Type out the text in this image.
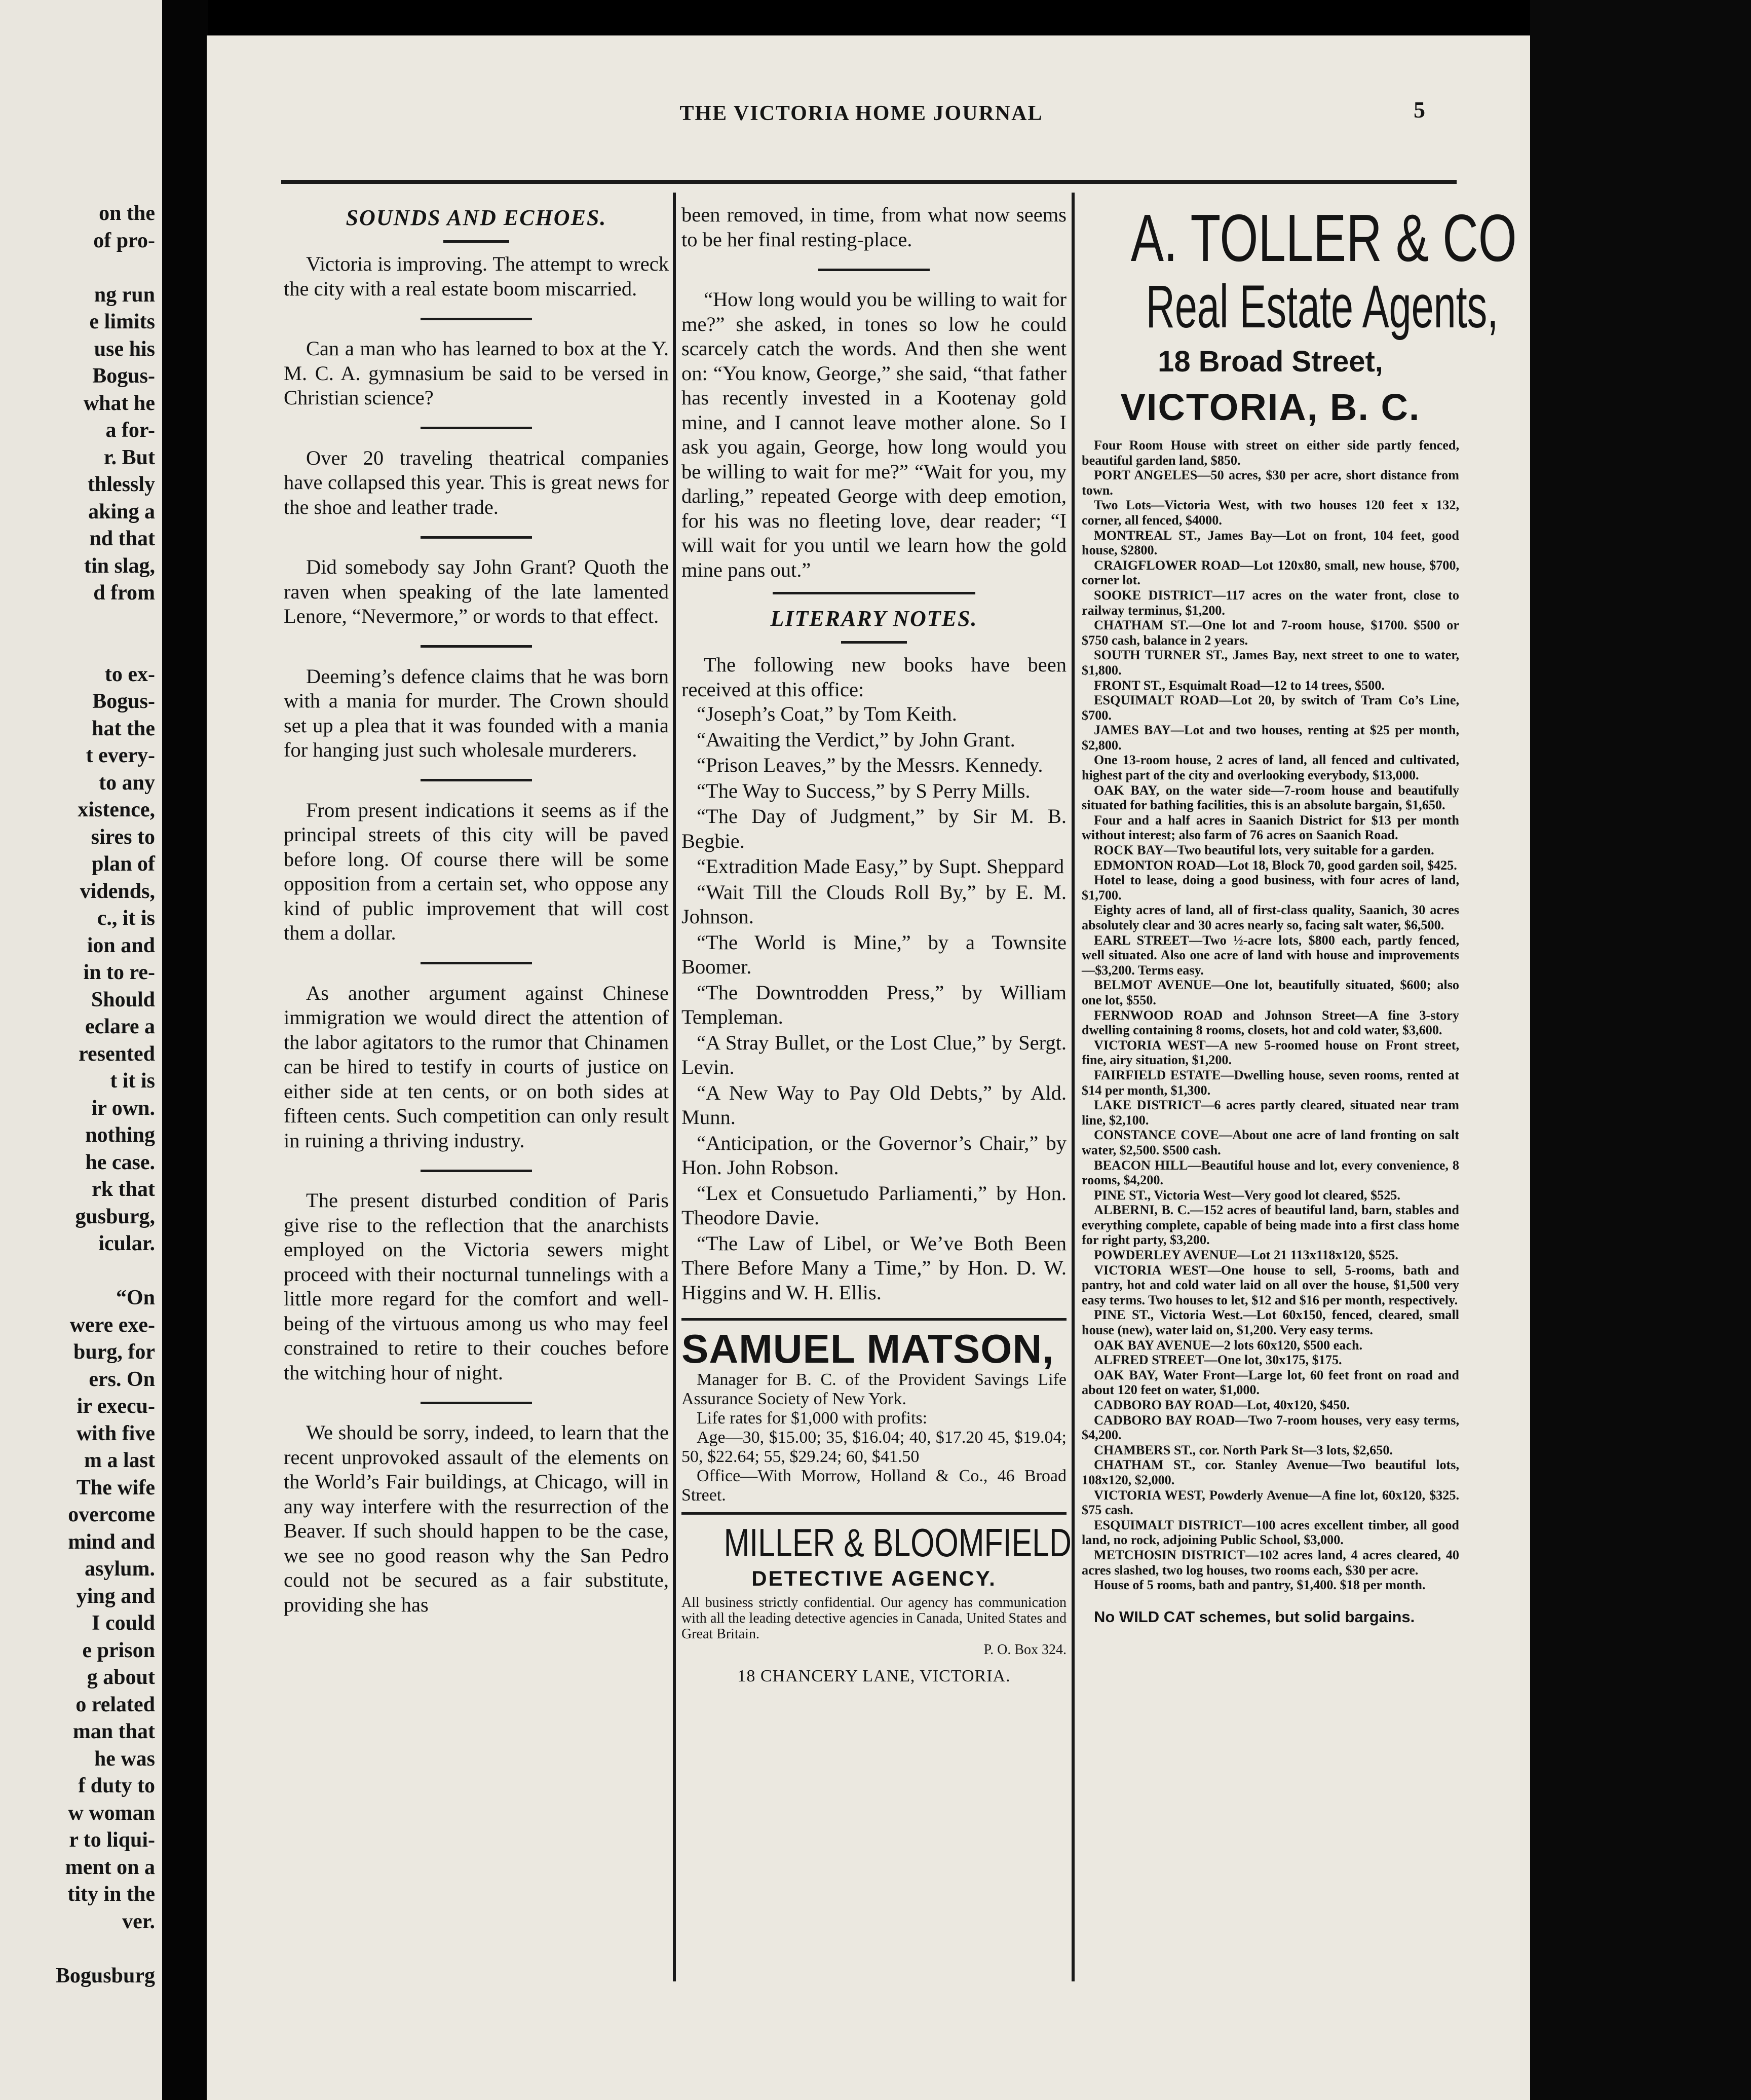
on the
of pro-

ng run
e limits
use his
Bogus-
what he
a for-
r. But
thlessly
aking a
nd that
tin slag,
d from

to ex-
Bogus-
hat the
t every-
to any
xistence,
sires to
plan of
vidends,
c., it is
ion and
in to re-
Should
eclare a
resented
t it is
ir own.
nothing
he case.
rk that
gusburg,
icular.

“On
were exe-
burg, for
ers. On
ir execu-
with five
m a last
The wife
overcome
mind and
asylum.
ying and
I could
e prison
g about
o related
man that
he was
f duty to
w woman
r to liqui-
ment on a
tity in the
ver.

Bogusburg
THE VICTORIA HOME JOURNAL	5
SOUNDS AND ECHOES.

Victoria is improving. The attempt to wreck the city with a real estate boom miscarried.

Can a man who has learned to box at the Y. M. C. A. gymnasium be said to be versed in Christian science?

Over 20 traveling theatrical companies have collapsed this year. This is great news for the shoe and leather trade.

Did somebody say John Grant? Quoth the raven when speaking of the late lamented Lenore, “Nevermore,” or words to that effect.

Deeming’s defence claims that he was born with a mania for murder. The Crown should set up a plea that it was founded with a mania for hanging just such wholesale murderers.

From present indications it seems as if the principal streets of this city will be paved before long. Of course there will be some opposition from a certain set, who oppose any kind of public improvement that will cost them a dollar.

As another argument against Chinese immigration we would direct the attention of the labor agitators to the rumor that Chinamen can be hired to testify in courts of justice on either side at ten cents, or on both sides at fifteen cents. Such competition can only result in ruining a thriving industry.

The present disturbed condition of Paris give rise to the reflection that the anarchists employed on the Victoria sewers might proceed with their nocturnal tunnelings with a little more regard for the comfort and well-being of the virtuous among us who may feel constrained to retire to their couches before the witching hour of night.

We should be sorry, indeed, to learn that the recent unprovoked assault of the elements on the World’s Fair buildings, at Chicago, will in any way interfere with the resurrection of the Beaver. If such should happen to be the case, we see no good reason why the San Pedro could not be secured as a fair substitute, providing she has

been removed, in time, from what now seems to be her final resting-place.

“How long would you be willing to wait for me?” she asked, in tones so low he could scarcely catch the words. And then she went on: “You know, George,” she said, “that father has recently invested in a Kootenay gold mine, and I cannot leave mother alone. So I ask you again, George, how long would you be willing to wait for me?” “Wait for you, my darling,” repeated George with deep emotion, for his was no fleeting love, dear reader; “I will wait for you until we learn how the gold mine pans out.”

LITERARY NOTES.

The following new books have been received at this office:

“Joseph’s Coat,” by Tom Keith.

“Awaiting the Verdict,” by John Grant.

“Prison Leaves,” by the Messrs. Kennedy.

“The Way to Success,” by S Perry Mills.

“The Day of Judgment,” by Sir M. B. Begbie.

“Extradition Made Easy,” by Supt. Sheppard

“Wait Till the Clouds Roll By,” by E. M. Johnson.

“The World is Mine,” by a Townsite Boomer.

“The Downtrodden Press,” by William Templeman.

“A Stray Bullet, or the Lost Clue,” by Sergt. Levin.

“A New Way to Pay Old Debts,” by Ald. Munn.

“Anticipation, or the Governor’s Chair,” by Hon. John Robson.

“Lex et Consuetudo Parliamenti,” by Hon. Theodore Davie.

“The Law of Libel, or We’ve Both Been There Before Many a Time,” by Hon. D. W. Higgins and W. H. Ellis.

SAMUEL MATSON,

Manager for B. C. of the Provident Savings Life Assurance Society of New York.

Life rates for $1,000 with profits:

Age—30, $15.00; 35, $16.04; 40, $17.20 45, $19.04; 50, $22.64; 55, $29.24; 60, $41.50

Office—With Morrow, Holland & Co., 46 Broad Street.

MILLER & BLOOMFIELD

DETECTIVE AGENCY.

All business strictly confidential. Our agency has communication with all the leading detective agencies in Canada, United States and Great Britain.

P. O. Box 324.

18 CHANCERY LANE, VICTORIA.

A. TOLLER & CO

Real Estate Agents,

18 Broad Street,

VICTORIA, B. C.

Four Room House with street on either side partly fenced, beautiful garden land, $850.

PORT ANGELES—50 acres, $30 per acre, short distance from town.

Two Lots—Victoria West, with two houses 120 feet x 132, corner, all fenced, $4000.

MONTREAL ST., James Bay—Lot on front, 104 feet, good house, $2800.

CRAIGFLOWER ROAD—Lot 120x80, small, new house, $700, corner lot.

SOOKE DISTRICT—117 acres on the water front, close to railway terminus, $1,200.

CHATHAM ST.—One lot and 7-room house, $1700. $500 or $750 cash, balance in 2 years.

SOUTH TURNER ST., James Bay, next street to one to water, $1,800.

FRONT ST., Esquimalt Road—12 to 14 trees, $500.

ESQUIMALT ROAD—Lot 20, by switch of Tram Co’s Line, $700.

JAMES BAY—Lot and two houses, renting at $25 per month, $2,800.

One 13-room house, 2 acres of land, all fenced and cultivated, highest part of the city and overlooking everybody, $13,000.

OAK BAY, on the water side—7-room house and beautifully situated for bathing facilities, this is an absolute bargain, $1,650.

Four and a half acres in Saanich District for $13 per month without interest; also farm of 76 acres on Saanich Road.

ROCK BAY—Two beautiful lots, very suitable for a garden.

EDMONTON ROAD—Lot 18, Block 70, good garden soil, $425.

Hotel to lease, doing a good business, with four acres of land, $1,700.

Eighty acres of land, all of first-class quality, Saanich, 30 acres absolutely clear and 30 acres nearly so, facing salt water, $6,500.

EARL STREET—Two ½-acre lots, $800 each, partly fenced, well situated. Also one acre of land with house and improvements—$3,200. Terms easy.

BELMOT AVENUE—One lot, beautifully situated, $600; also one lot, $550.

FERNWOOD ROAD and Johnson Street—A fine 3-story dwelling containing 8 rooms, closets, hot and cold water, $3,600.

VICTORIA WEST—A new 5-roomed house on Front street, fine, airy situation, $1,200.

FAIRFIELD ESTATE—Dwelling house, seven rooms, rented at $14 per month, $1,300.

LAKE DISTRICT—6 acres partly cleared, situated near tram line, $2,100.

CONSTANCE COVE—About one acre of land fronting on salt water, $2,500. $500 cash.

BEACON HILL—Beautiful house and lot, every convenience, 8 rooms, $4,200.

PINE ST., Victoria West—Very good lot cleared, $525.

ALBERNI, B. C.—152 acres of beautiful land, barn, stables and everything complete, capable of being made into a first class home for right party, $3,200.

POWDERLEY AVENUE—Lot 21 113x118x120, $525.

VICTORIA WEST—One house to sell, 5-rooms, bath and pantry, hot and cold water laid on all over the house, $1,500 very easy terms. Two houses to let, $12 and $16 per month, respectively.

PINE ST., Victoria West.—Lot 60x150, fenced, cleared, small house (new), water laid on, $1,200. Very easy terms.

OAK BAY AVENUE—2 lots 60x120, $500 each.

ALFRED STREET—One lot, 30x175, $175.

OAK BAY, Water Front—Large lot, 60 feet front on road and about 120 feet on water, $1,000.

CADBORO BAY ROAD—Lot, 40x120, $450.

CADBORO BAY ROAD—Two 7-room houses, very easy terms, $4,200.

CHAMBERS ST., cor. North Park St—3 lots, $2,650.

CHATHAM ST., cor. Stanley Avenue—Two beautiful lots, 108x120, $2,000.

VICTORIA WEST, Powderly Avenue—A fine lot, 60x120, $325. $75 cash.

ESQUIMALT DISTRICT—100 acres excellent timber, all good land, no rock, adjoining Public School, $3,000.

METCHOSIN DISTRICT—102 acres land, 4 acres cleared, 40 acres slashed, two log houses, two rooms each, $30 per acre.

House of 5 rooms, bath and pantry, $1,400. $18 per month.

No WILD CAT schemes, but solid bargains.
